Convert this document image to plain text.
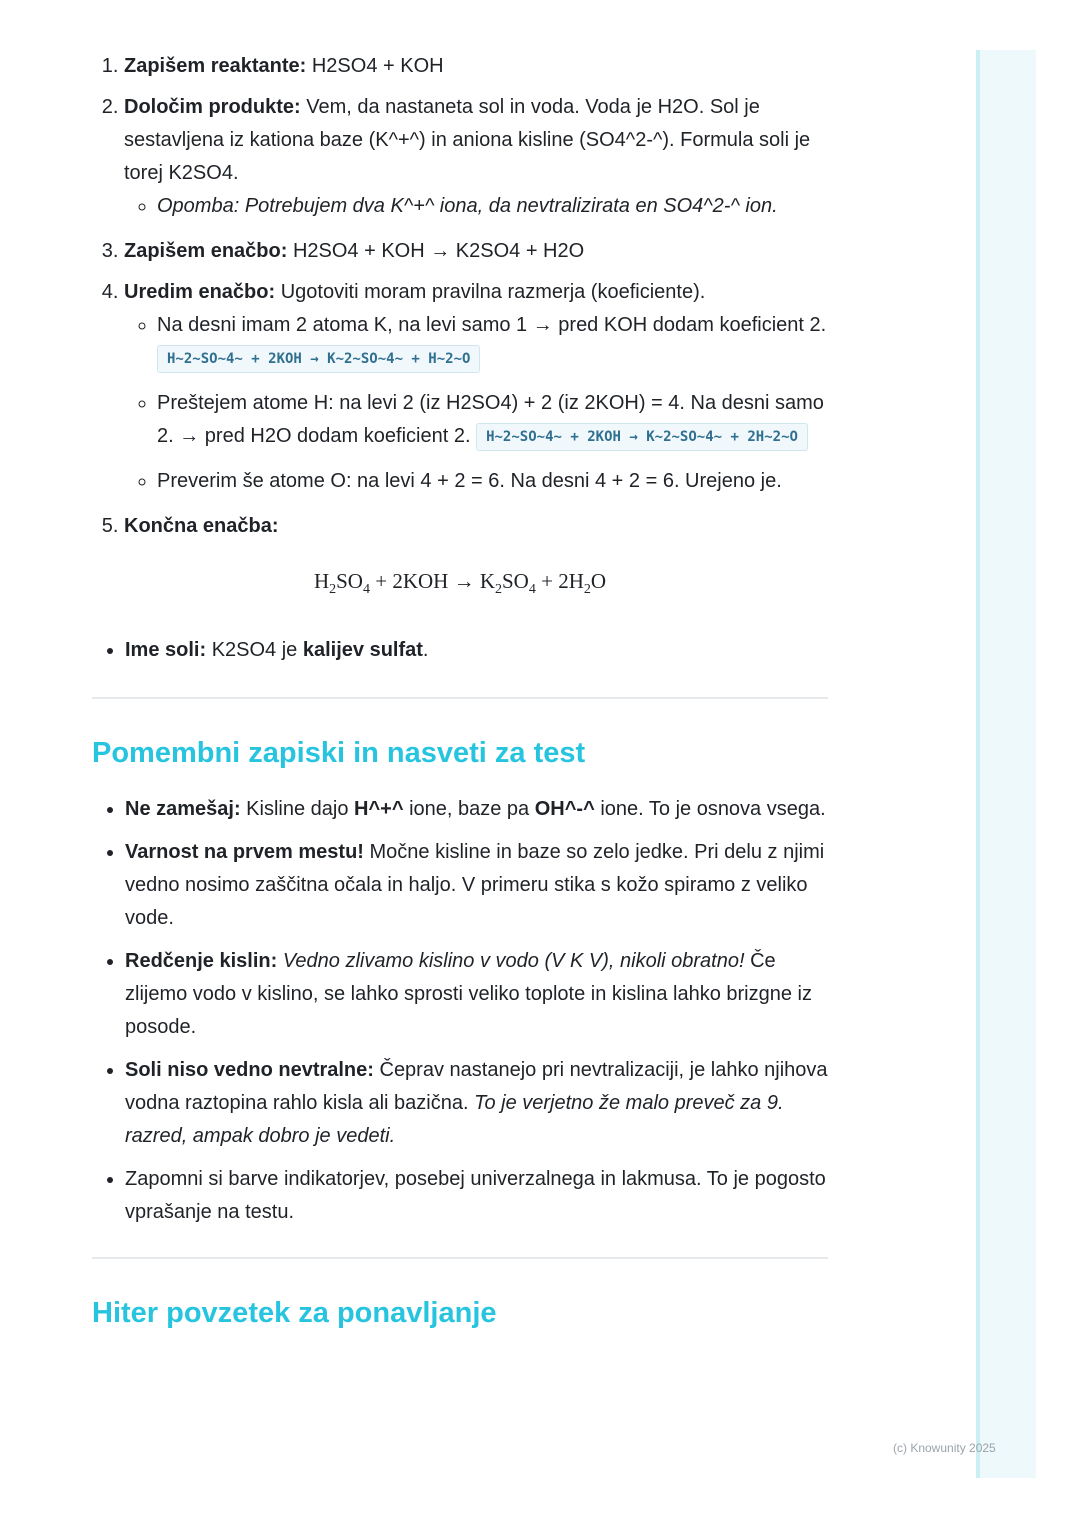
1. Zapišem reaktante: H2SO4 + KOH
2. Določim produkte: Vem, da nastaneta sol in voda. Voda je H2O. Sol je sestavljena iz kationa baze (K^+^) in aniona kisline (SO4^2-^). Formula soli je torej K2SO4.
◦ Opomba: Potrebujem dva K^+^ iona, da nevtralizirata en SO4^2-^ ion.
3. Zapišem enačbo: H2SO4 + KOH → K2SO4 + H2O
4. Uredim enačbo: Ugotoviti moram pravilna razmerja (koeficiente).
◦ Na desni imam 2 atoma K, na levi samo 1 → pred KOH dodam koeficient 2. H~2~SO~4~ + 2KOH → K~2~SO~4~ + H~2~O
◦ Preštejem atome H: na levi 2 (iz H2SO4) + 2 (iz 2KOH) = 4. Na desni samo 2. → pred H2O dodam koeficient 2. H~2~SO~4~ + 2KOH → K~2~SO~4~ + 2H~2~O
◦ Preverim še atome O: na levi 4 + 2 = 6. Na desni 4 + 2 = 6. Urejeno je.
5. Končna enačba:
$H_2SO_4 + 2KOH \to K_2SO_4 + 2H_2O$
• Ime soli: K2SO4 je kalijev sulfat.
Pomembni zapiski in nasveti za test
• Ne zamešaj: Kisline dajo H^+^ ione, baze pa OH^-^ ione. To je osnova vsega.
• Varnost na prvem mestu! Močne kisline in baze so zelo jedke. Pri delu z njimi vedno nosimo zaščitna očala in haljo. V primeru stika s kožo spiramo z veliko vode.
• Redčenje kislin: Vedno zlivamo kislino v vodo (V K V), nikoli obratno! Če zlijemo vodo v kislino, se lahko sprosti veliko toplote in kislina lahko brizgne iz posode.
• Soli niso vedno nevtralne: Čeprav nastanejo pri nevtralizaciji, je lahko njihova vodna raztopina rahlo kisla ali bazična. To je verjetno že malo preveč za 9. razred, ampak dobro je vedeti.
• Zapomni si barve indikatorjev, posebej univerzalnega in lakmusa. To je pogosto vprašanje na testu.
Hiter povzetek za ponavljanje
(c) Knowunity 2025
